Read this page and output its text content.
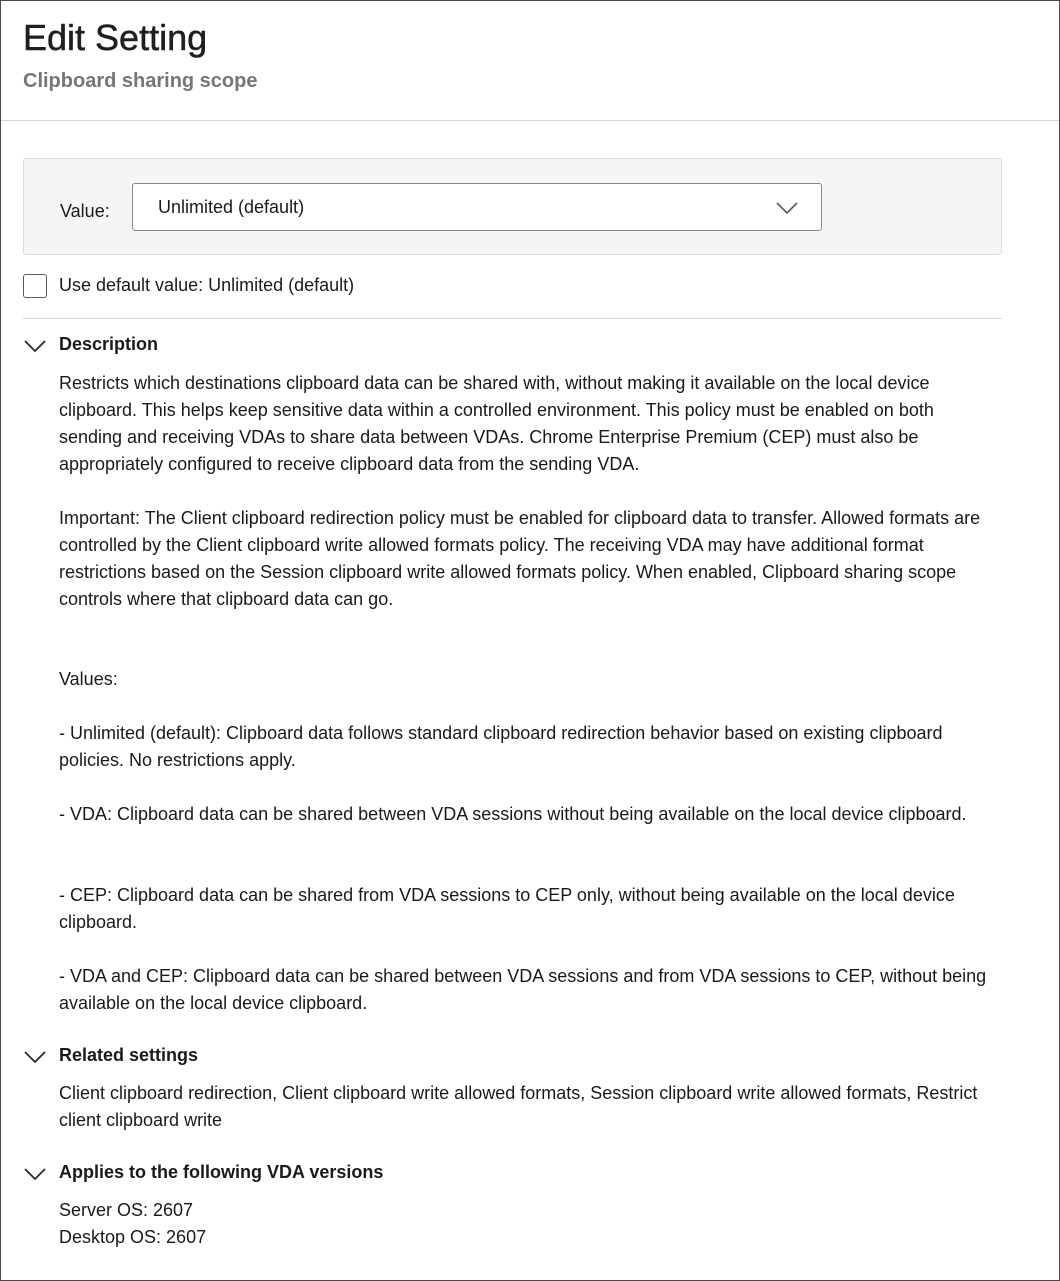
Edit Setting
Clipboard sharing scope
Value:	Unlimited (default)
Use default value: Unlimited (default)
Description
Restricts which destinations clipboard data can be shared with, without making it available on the local device clipboard. This helps keep sensitive data within a controlled environment. This policy must be enabled on both sending and receiving VDAs to share data between VDAs. Chrome Enterprise Premium (CEP) must also be appropriately configured to receive clipboard data from the sending VDA.
Important: The Client clipboard redirection policy must be enabled for clipboard data to transfer. Allowed formats are controlled by the Client clipboard write allowed formats policy. The receiving VDA may have additional format restrictions based on the Session clipboard write allowed formats policy. When enabled, Clipboard sharing scope controls where that clipboard data can go.
Values:
- Unlimited (default): Clipboard data follows standard clipboard redirection behavior based on existing clipboard policies. No restrictions apply.
- VDA: Clipboard data can be shared between VDA sessions without being available on the local device clipboard.
- CEP: Clipboard data can be shared from VDA sessions to CEP only, without being available on the local device clipboard.
- VDA and CEP: Clipboard data can be shared between VDA sessions and from VDA sessions to CEP, without being available on the local device clipboard.
Related settings
Client clipboard redirection, Client clipboard write allowed formats, Session clipboard write allowed formats, Restrict client clipboard write
Applies to the following VDA versions
Server OS: 2607
Desktop OS: 2607
